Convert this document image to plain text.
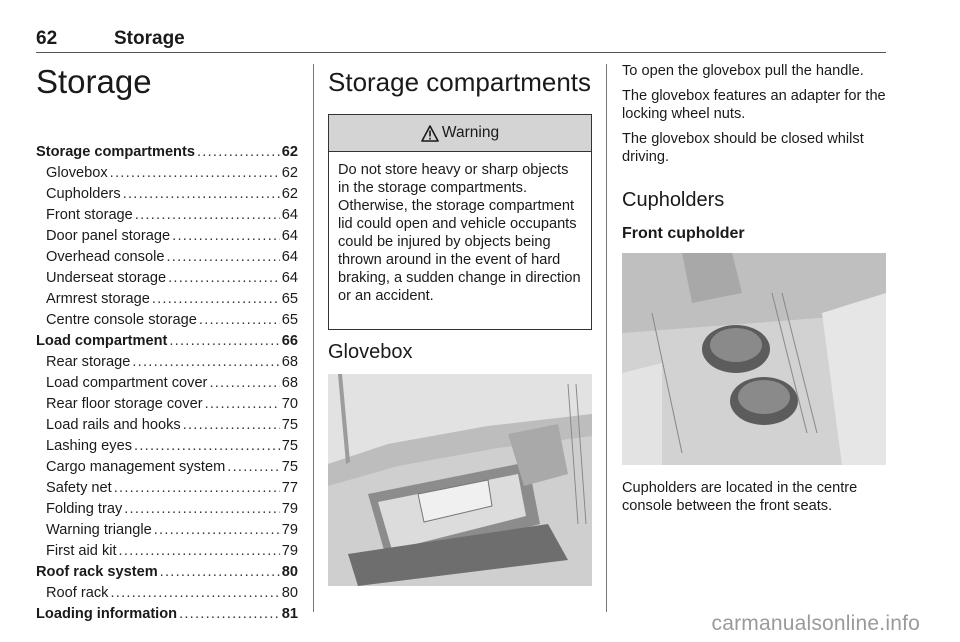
62	Storage
Storage
Storage compartments . . .	62
Glovebox . . .	62
Cupholders . . .	62
Front storage . . .	64
Door panel storage . . .	64
Overhead console . . .	64
Underseat storage . . .	64
Armrest storage . . .	65
Centre console storage . . .	65
Load compartment . . .	66
Rear storage . . .	68
Load compartment cover . . .	68
Rear floor storage cover . . .	70
Load rails and hooks . . .	75
Lashing eyes . . .	75
Cargo management system . . .	75
Safety net . . .	77
Folding tray . . .	79
Warning triangle . . .	79
First aid kit . . .	79
Roof rack system . . .	80
Roof rack . . .	80
Loading information . . .	81
Storage compartments
Warning

Do not store heavy or sharp objects in the storage compartments. Otherwise, the storage compartment lid could open and vehicle occupants could be injured by objects being thrown around in the event of hard braking, a sudden change in direction or an accident.

Glovebox

To open the glovebox pull the handle.

The glovebox features an adapter for the locking wheel nuts.

The glovebox should be closed whilst driving.

Cupholders
Front cupholder

Cupholders are located in the centre console between the front seats.

carmanualsonline.info
